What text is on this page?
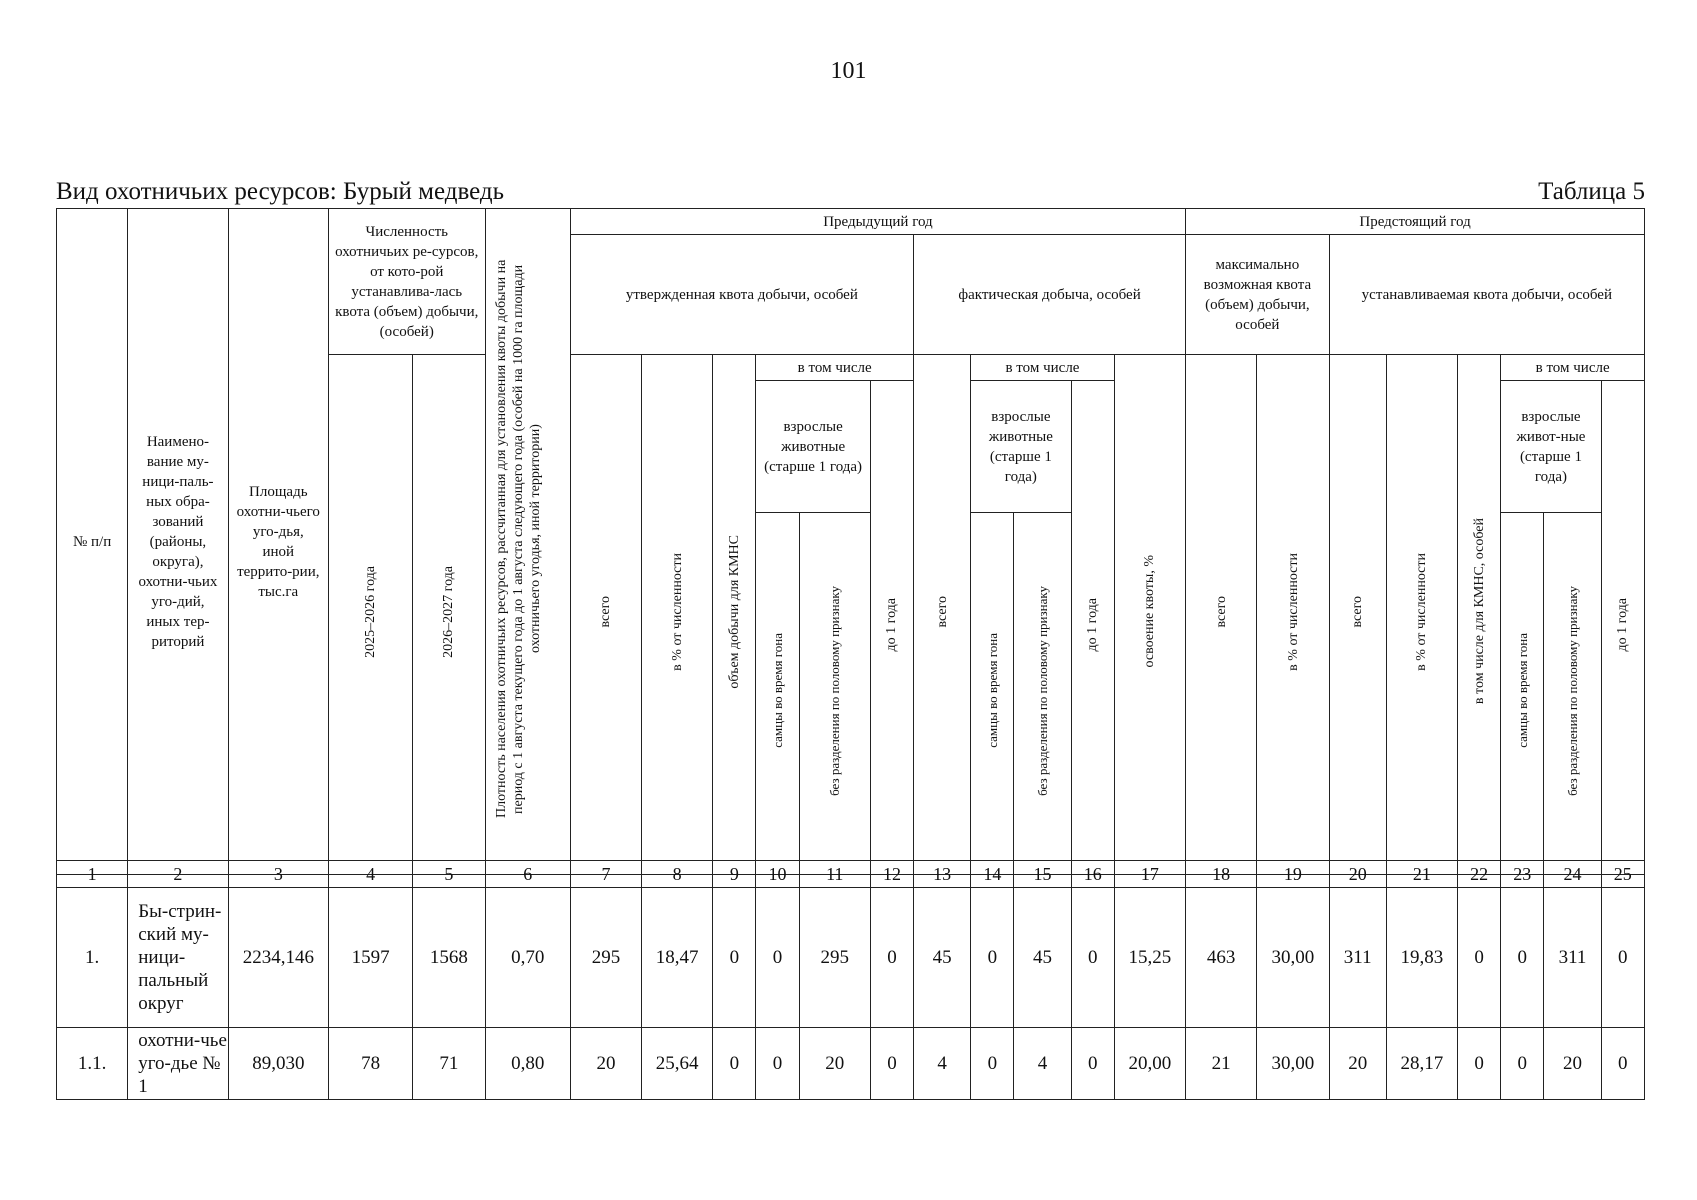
101
Вид охотничьих ресурсов: Бурый медведь	Таблица 5
№ п/п	Наимено-вание му-ници-паль-ных обра-зований (районы, округа), охотни-чьих уго-дий, иных тер-риторий	Площадь охотни-чьего уго-дья, иной террито-рии, тыс.га	Численность охотничьих ре-сурсов, от кото-рой устанавлива-лась квота (объем) добычи, (особей)		Плотность населения охотничьих ресурсов, рассчитанная для установления квоты добычи на период с 1 августа текущего года до 1 августа следующего года (особей на 1000 га площади охотничьего угодья, иной территории)	Предыдущий год											Предстоящий год							
						утвержденная квота добычи, особей						фактическая добыча, особей					максимально возможная квота (объем) добычи, особей		устанавливаемая квота добычи, особей					
			2025–2026 года	2026–2027 года		всего	в % от численности	объем добычи для КМНС	в том числе			всего	в том числе			освоение квоты, %	всего	в % от численности	всего	в % от численности	в том числе для КМНС, особей	в том числе		
									взрослые животные (старше 1 года)		до 1 года		взрослые животные (старше 1 года)		до 1 года							взрослые живот-ные (старше 1 года)		до 1 года
									самцы во время гона	без разделения по половому признаку			самцы во время гона	без разделения по половому признаку								самцы во время гона	без разделения по половому признаку	
1	2	3	4	5	6	7	8	9	10	11	12	13	14	15	16	17	18	19	20	21	22	23	24	25
1.	Бы-стрин-ский му-ници-пальный округ	2234,146	1597	1568	0,70	295	18,47	0	0	295	0	45	0	45	0	15,25	463	30,00	311	19,83	0	0	311	0
1.1.	охотни-чье уго-дье № 1	89,030	78	71	0,80	20	25,64	0	0	20	0	4	0	4	0	20,00	21	30,00	20	28,17	0	0	20	0
